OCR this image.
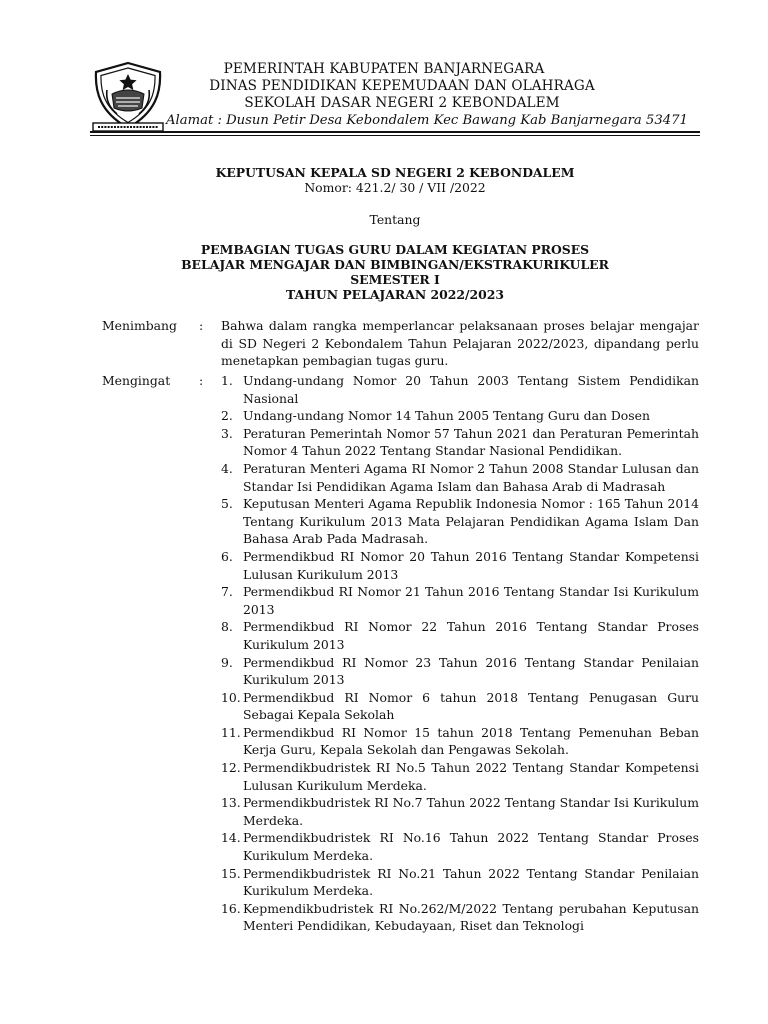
PEMERINTAH KABUPATEN BANJARNEGARA
DINAS PENDIDIKAN KEPEMUDAAN DAN OLAHRAGA
SEKOLAH DASAR NEGERI 2 KEBONDALEM
Alamat : Dusun Petir Desa Kebondalem Kec Bawang Kab Banjarnegara 53471
KEPUTUSAN KEPALA SD NEGERI 2 KEBONDALEM
Nomor: 421.2/ 30 / VII /2022
Tentang
PEMBAGIAN TUGAS GURU DALAM KEGIATAN PROSES
BELAJAR MENGAJAR DAN BIMBINGAN/EKSTRAKURIKULER
SEMESTER I
TAHUN PELAJARAN 2022/2023
Menimbang : Bahwa dalam rangka memperlancar pelaksanaan proses belajar mengajar di SD Negeri 2 Kebondalem Tahun Pelajaran 2022/2023, dipandang perlu menetapkan pembagian tugas guru.
Mengingat : 1. Undang-undang Nomor 20 Tahun 2003 Tentang Sistem Pendidikan Nasional
2. Undang-undang Nomor 14 Tahun 2005 Tentang Guru dan Dosen
3. Peraturan Pemerintah Nomor 57 Tahun 2021 dan Peraturan Pemerintah Nomor 4 Tahun 2022 Tentang Standar Nasional Pendidikan.
4. Peraturan Menteri Agama RI Nomor 2 Tahun 2008 Standar Lulusan dan Standar Isi Pendidikan Agama Islam dan Bahasa Arab di Madrasah
5. Keputusan Menteri Agama Republik Indonesia Nomor : 165 Tahun 2014 Tentang Kurikulum 2013 Mata Pelajaran Pendidikan Agama Islam Dan Bahasa Arab Pada Madrasah.
6. Permendikbud RI Nomor 20 Tahun 2016 Tentang Standar Kompetensi Lulusan Kurikulum 2013
7. Permendikbud RI Nomor 21 Tahun 2016 Tentang Standar Isi Kurikulum 2013
8. Permendikbud RI Nomor 22 Tahun 2016 Tentang Standar Proses Kurikulum 2013
9. Permendikbud RI Nomor 23 Tahun 2016 Tentang Standar Penilaian Kurikulum 2013
10. Permendikbud RI Nomor 6 tahun 2018 Tentang Penugasan Guru Sebagai Kepala Sekolah
11. Permendikbud RI Nomor 15 tahun 2018 Tentang Pemenuhan Beban Kerja Guru, Kepala Sekolah dan Pengawas Sekolah.
12. Permendikbudristek RI No.5 Tahun 2022 Tentang Standar Kompetensi Lulusan Kurikulum Merdeka.
13. Permendikbudristek RI No.7 Tahun 2022 Tentang Standar Isi Kurikulum Merdeka.
14. Permendikbudristek RI No.16 Tahun 2022 Tentang Standar Proses Kurikulum Merdeka.
15. Permendikbudristek RI No.21 Tahun 2022 Tentang Standar Penilaian Kurikulum Merdeka.
16. Kepmendikbudristek RI No.262/M/2022 Tentang perubahan Keputusan Menteri Pendidikan, Kebudayaan, Riset dan Teknologi
